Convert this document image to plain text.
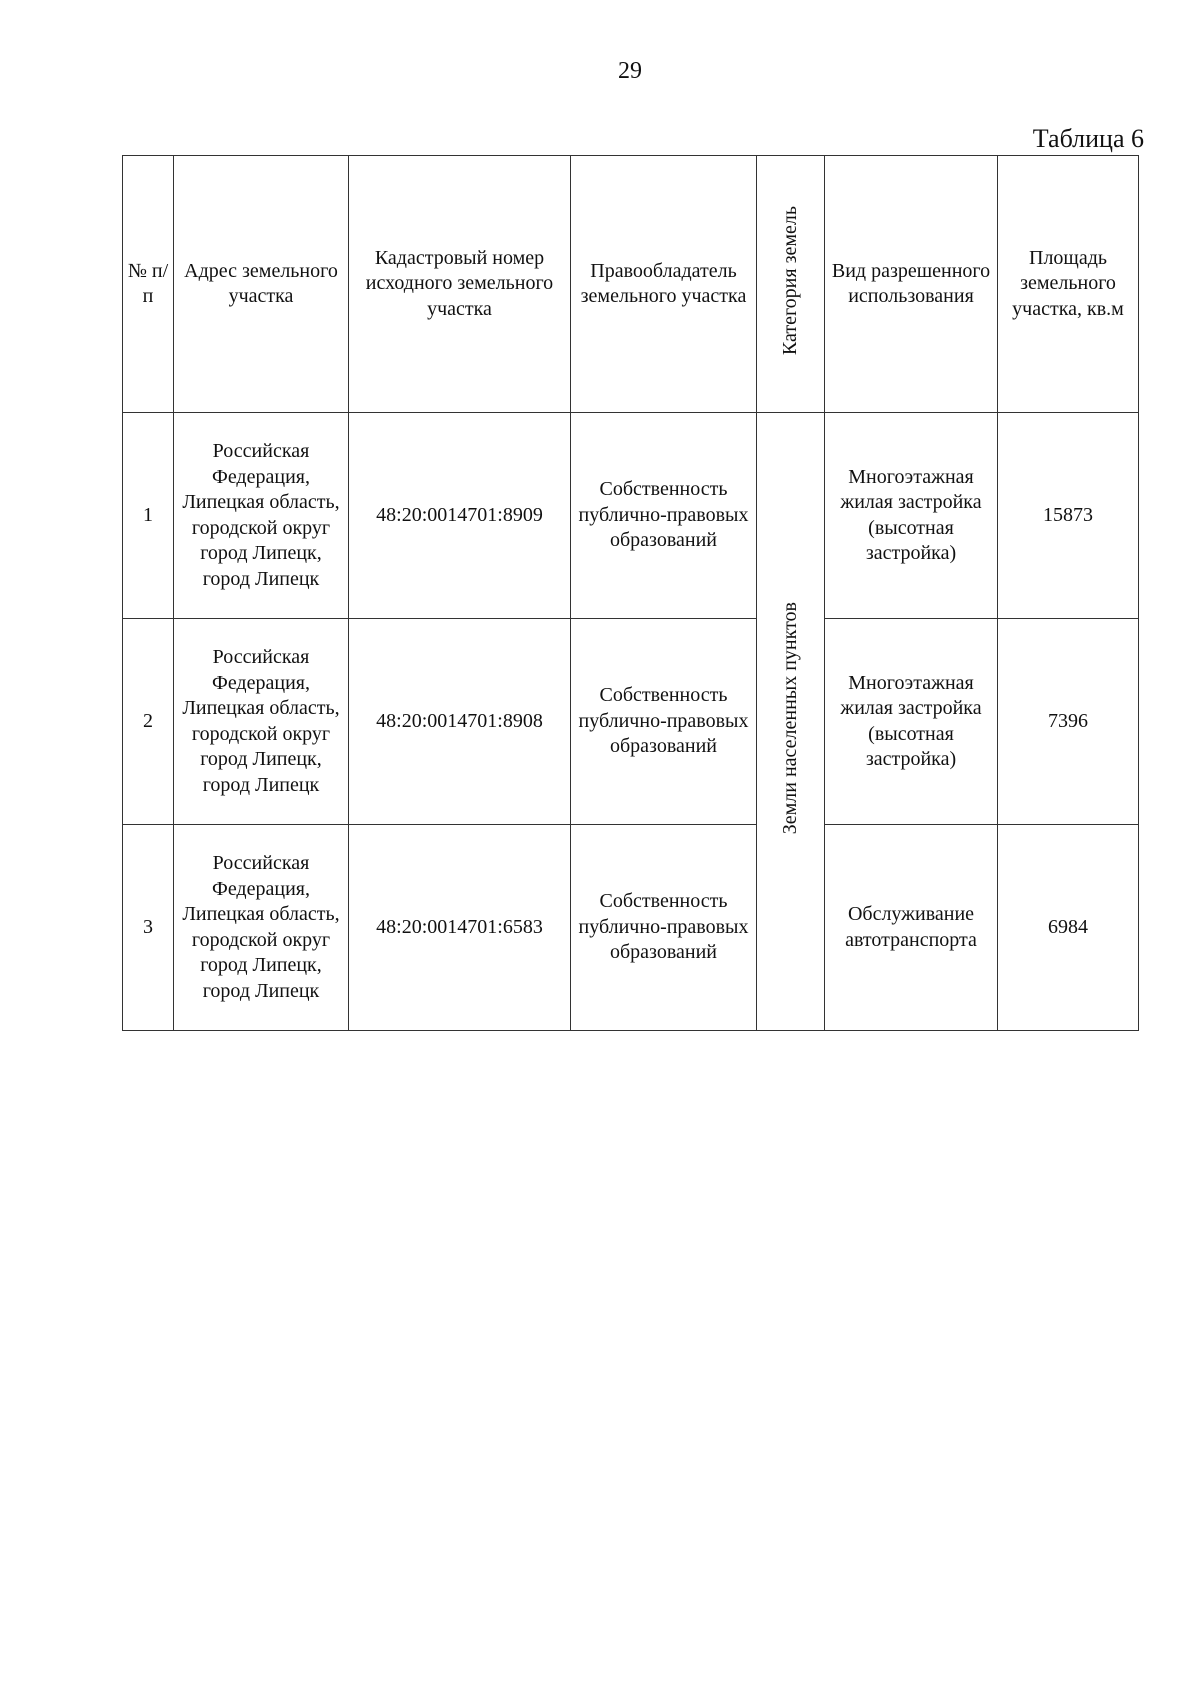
29
Таблица 6
№ п/п	Адрес земельного участка	Кадастровый номер исходного земельного участка	Правообладатель земельного участка	Категория земель	Вид разрешенного использования	Площадь земельного участка, кв.м

1	Российская Федерация, Липецкая область, городской округ город Липецк, город Липецк	48:20:0014701:8909	Собственность публично-правовых образований	Земли населенных пунктов	Многоэтажная жилая застройка (высотная застройка)	15873
2	Российская Федерация, Липецкая область, городской округ город Липецк, город Липецк	48:20:0014701:8908	Собственность публично-правовых образований		Многоэтажная жилая застройка (высотная застройка)	7396
3	Российская Федерация, Липецкая область, городской округ город Липецк, город Липецк	48:20:0014701:6583	Собственность публично-правовых образований		Обслуживание автотранспорта	6984
